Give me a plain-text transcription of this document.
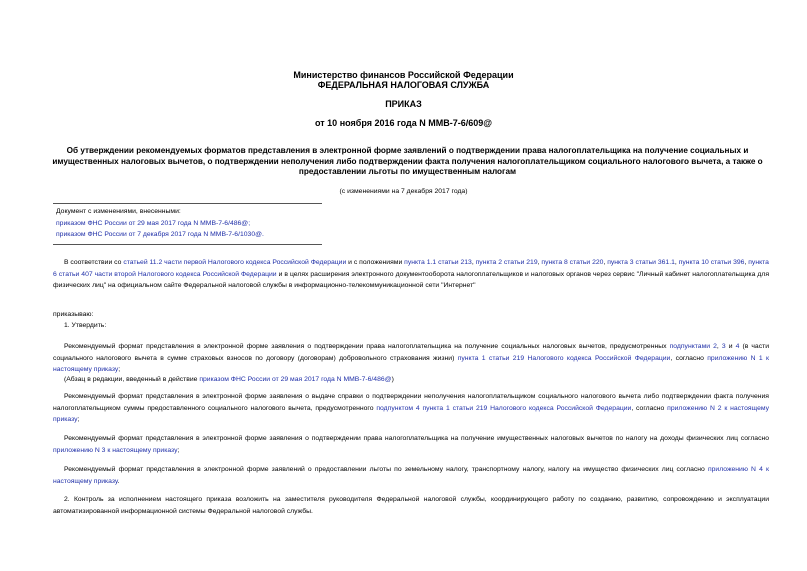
Министерство финансов Российской Федерации
ФЕДЕРАЛЬНАЯ НАЛОГОВАЯ СЛУЖБА
ПРИКАЗ
от 10 ноября 2016 года N ММВ-7-6/609@
Об утверждении рекомендуемых форматов представления в электронной форме заявлений о подтверждении права налогоплательщика на получение социальных и имущественных налоговых вычетов, о подтверждении неполучения либо подтверждении факта получения налогоплательщиком социального налогового вычета, а также о предоставлении льготы по имущественным налогам
(с изменениями на 7 декабря 2017 года)
Документ с изменениями, внесенными:
приказом ФНС России от 29 мая 2017 года N ММВ-7-6/486@;
приказом ФНС России от 7 декабря 2017 года N ММВ-7-6/1030@.
В соответствии со статьей 11.2 части первой Налогового кодекса Российской Федерации и с положениями пункта 1.1 статьи 213, пункта 2 статьи 219, пункта 8 статьи 220, пункта 3 статьи 361.1, пункта 10 статьи 396, пункта 6 статьи 407 части второй Налогового кодекса Российской Федерации и в целях расширения электронного документооборота налогоплательщиков и налоговых органов через сервис "Личный кабинет налогоплательщика для физических лиц" на официальном сайте Федеральной налоговой службы в информационно-телекоммуникационной сети "Интернет"
приказываю:
1. Утвердить:
Рекомендуемый формат представления в электронной форме заявления о подтверждении права налогоплательщика на получение социальных налоговых вычетов, предусмотренных подпунктами 2, 3 и 4 (в части социального налогового вычета в сумме страховых взносов по договору (договорам) добровольного страхования жизни) пункта 1 статьи 219 Налогового кодекса Российской Федерации, согласно приложению N 1 к настоящему приказу;
(Абзац в редакции, введенный в действие приказом ФНС России от 29 мая 2017 года N ММВ-7-6/486@)
Рекомендуемый формат представления в электронной форме заявления о выдаче справки о подтверждении неполучения налогоплательщиком социального налогового вычета либо подтверждении факта получения налогоплательщиком суммы предоставленного социального налогового вычета, предусмотренного подпунктом 4 пункта 1 статьи 219 Налогового кодекса Российской Федерации, согласно приложению N 2 к настоящему приказу;
Рекомендуемый формат представления в электронной форме заявления о подтверждении права налогоплательщика на получение имущественных налоговых вычетов по налогу на доходы физических лиц согласно приложению N 3 к настоящему приказу;
Рекомендуемый формат представления в электронной форме заявлений о предоставлении льготы по земельному налогу, транспортному налогу, налогу на имущество физических лиц согласно приложению N 4 к настоящему приказу.
2. Контроль за исполнением настоящего приказа возложить на заместителя руководителя Федеральной налоговой службы, координирующего работу по созданию, развитию, сопровождению и эксплуатации автоматизированной информационной системы Федеральной налоговой службы.
